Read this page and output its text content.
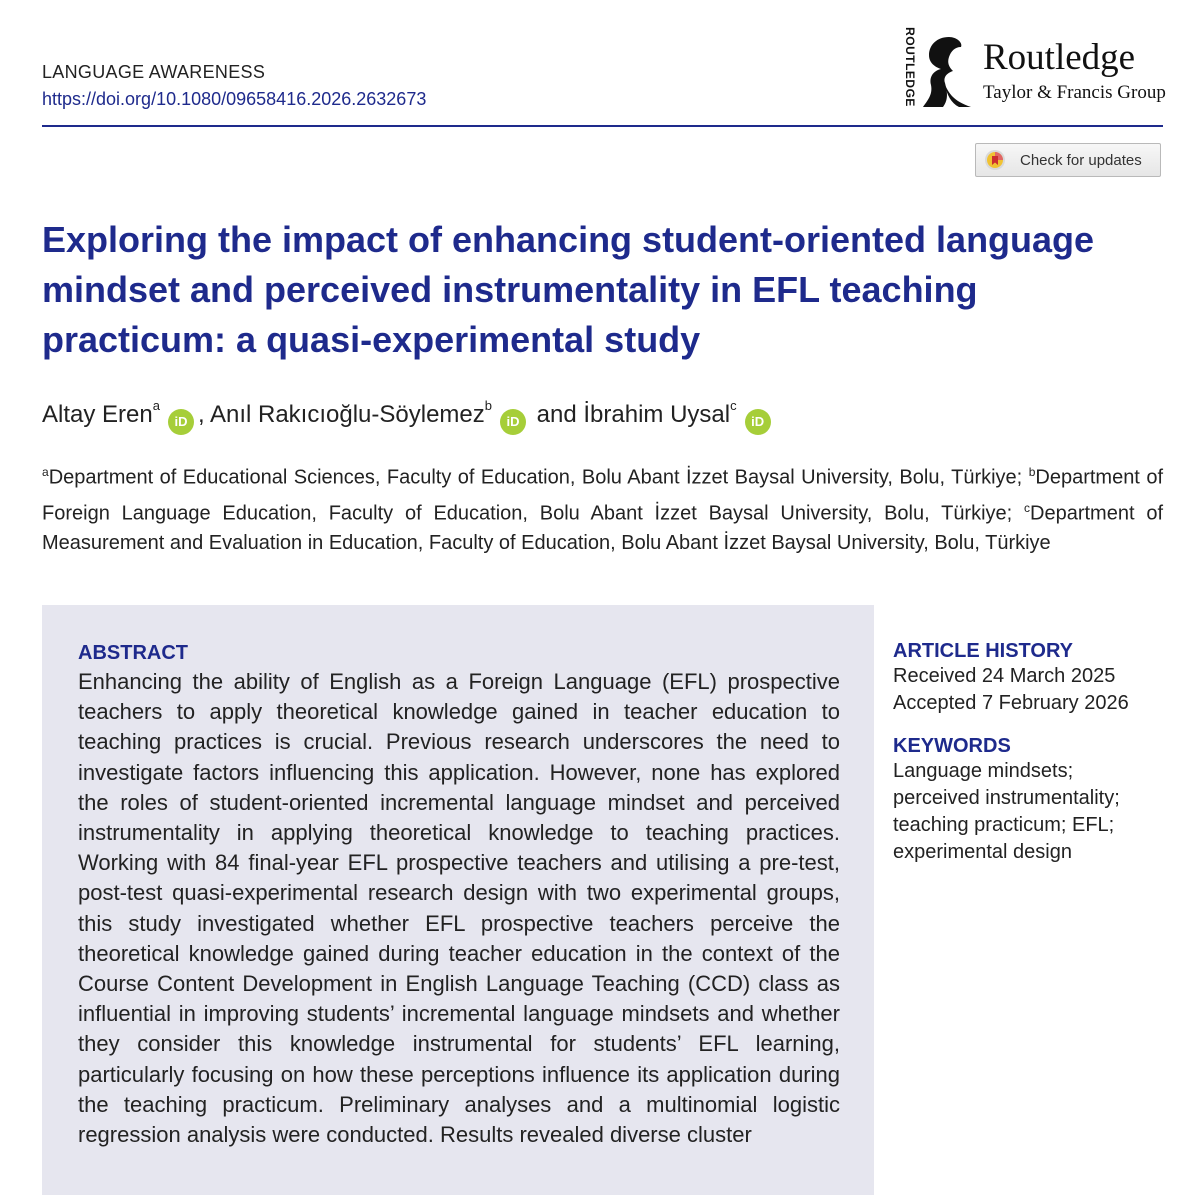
LANGUAGE AWARENESS
https://doi.org/10.1080/09658416.2026.2632673	ROUTLEDGE Routledge
Taylor & Francis Group
Check for updates
Exploring the impact of enhancing student-oriented language mindset and perceived instrumentality in EFL teaching practicum: a quasi-experimental study
Altay Eren$^a$iD , Anıl Rakıcıoğlu-Söylemez$^b$iD and İbrahim Uysal$^c$iD
$^a$Department of Educational Sciences, Faculty of Education, Bolu Abant İzzet Baysal University, Bolu, Türkiye; $^b$Department of Foreign Language Education, Faculty of Education, Bolu Abant İzzet Baysal University, Bolu, Türkiye; $^c$Department of Measurement and Evaluation in Education, Faculty of Education, Bolu Abant İzzet Baysal University, Bolu, Türkiye
ABSTRACT

Enhancing the ability of English as a Foreign Language (EFL) prospective teachers to apply theoretical knowledge gained in teacher education to teaching practices is crucial. Previous research underscores the need to investigate factors influencing this application. However, none has explored the roles of student-oriented incremental language mindset and perceived instrumentality in applying theoretical knowledge to teaching practices. Working with 84 final-year EFL prospective teachers and utilising a pre-test, post-test quasi-experimental research design with two experimental groups, this study investigated whether EFL prospective teachers perceive the theoretical knowledge gained during teacher education in the context of the Course Content Development in English Language Teaching (CCD) class as influential in improving students’ incremental language mindsets and whether they consider this knowledge instrumental for students’ EFL learning, particularly focusing on how these perceptions influence its application during the teaching practicum. Preliminary analyses and a multinomial logistic regression analysis were conducted. Results revealed diverse cluster

ARTICLE HISTORY
Received 24 March 2025
Accepted 7 February 2026
KEYWORDS
Language mindsets;
perceived instrumentality;
teaching practicum; EFL;
experimental design
